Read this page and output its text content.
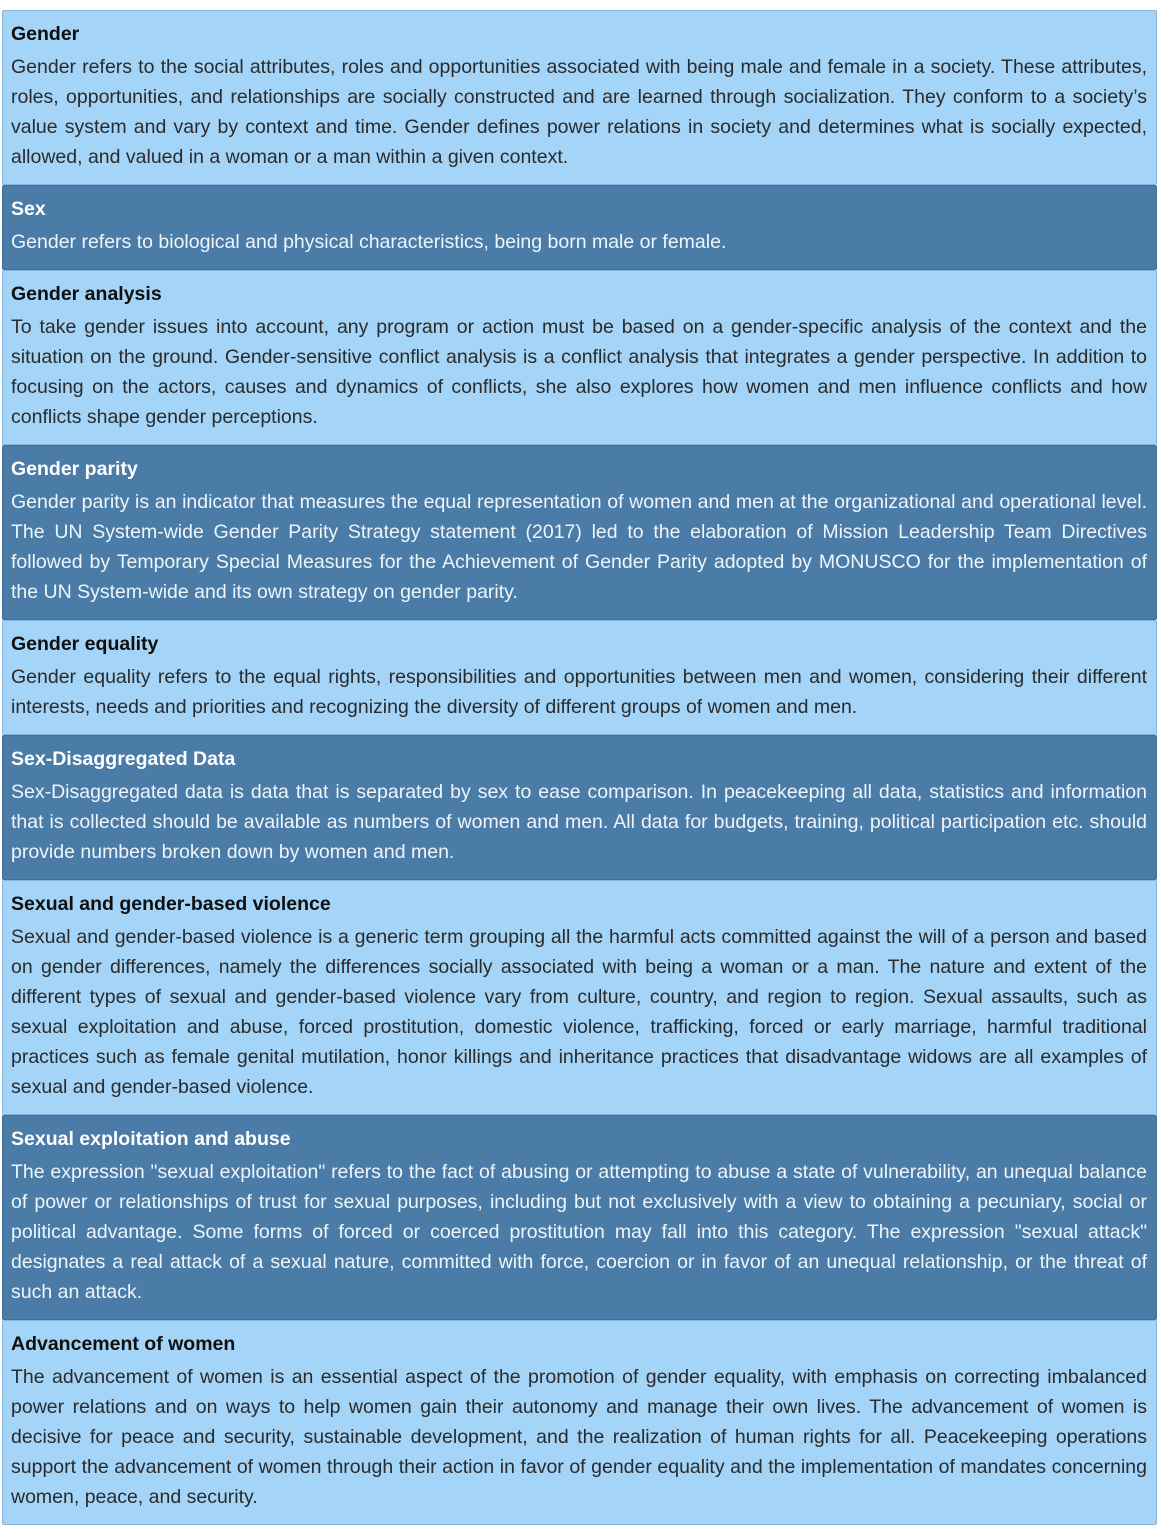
Gender

Gender refers to the social attributes, roles and opportunities associated with being male and female in a society. These attributes, roles, opportunities, and relationships are socially constructed and are learned through socialization. They conform to a society’s value system and vary by context and time. Gender defines power relations in society and determines what is socially expected, allowed, and valued in a woman or a man within a given context.

Sex

Gender refers to biological and physical characteristics, being born male or female.

Gender analysis

To take gender issues into account, any program or action must be based on a gender-specific analysis of the context and the situation on the ground. Gender-sensitive conflict analysis is a conflict analysis that integrates a gender perspective. In addition to focusing on the actors, causes and dynamics of conflicts, she also explores how women and men influence conflicts and how conflicts shape gender perceptions.

Gender parity

Gender parity is an indicator that measures the equal representation of women and men at the organizational and operational level. The UN System-wide Gender Parity Strategy statement (2017) led to the elaboration of Mission Leadership Team Directives followed by Temporary Special Measures for the Achievement of Gender Parity adopted by MONUSCO for the implementation of the UN System-wide and its own strategy on gender parity.

Gender equality

Gender equality refers to the equal rights, responsibilities and opportunities between men and women, considering their different interests, needs and priorities and recognizing the diversity of different groups of women and men.

Sex-Disaggregated Data

Sex-Disaggregated data is data that is separated by sex to ease comparison. In peacekeeping all data, statistics and information that is collected should be available as numbers of women and men. All data for budgets, training, political participation etc. should provide numbers broken down by women and men.

Sexual and gender-based violence

Sexual and gender-based violence is a generic term grouping all the harmful acts committed against the will of a person and based on gender differences, namely the differences socially associated with being a woman or a man. The nature and extent of the different types of sexual and gender-based violence vary from culture, country, and region to region. Sexual assaults, such as sexual exploitation and abuse, forced prostitution, domestic violence, trafficking, forced or early marriage, harmful traditional practices such as female genital mutilation, honor killings and inheritance practices that disadvantage widows are all examples of sexual and gender-based violence.

Sexual exploitation and abuse

The expression "sexual exploitation" refers to the fact of abusing or attempting to abuse a state of vulnerability, an unequal balance of power or relationships of trust for sexual purposes, including but not exclusively with a view to obtaining a pecuniary, social or political advantage. Some forms of forced or coerced prostitution may fall into this category. The expression "sexual attack" designates a real attack of a sexual nature, committed with force, coercion or in favor of an unequal relationship, or the threat of such an attack.

Advancement of women

The advancement of women is an essential aspect of the promotion of gender equality, with emphasis on correcting imbalanced power relations and on ways to help women gain their autonomy and manage their own lives. The advancement of women is decisive for peace and security, sustainable development, and the realization of human rights for all. Peacekeeping operations support the advancement of women through their action in favor of gender equality and the implementation of mandates concerning women, peace, and security.
